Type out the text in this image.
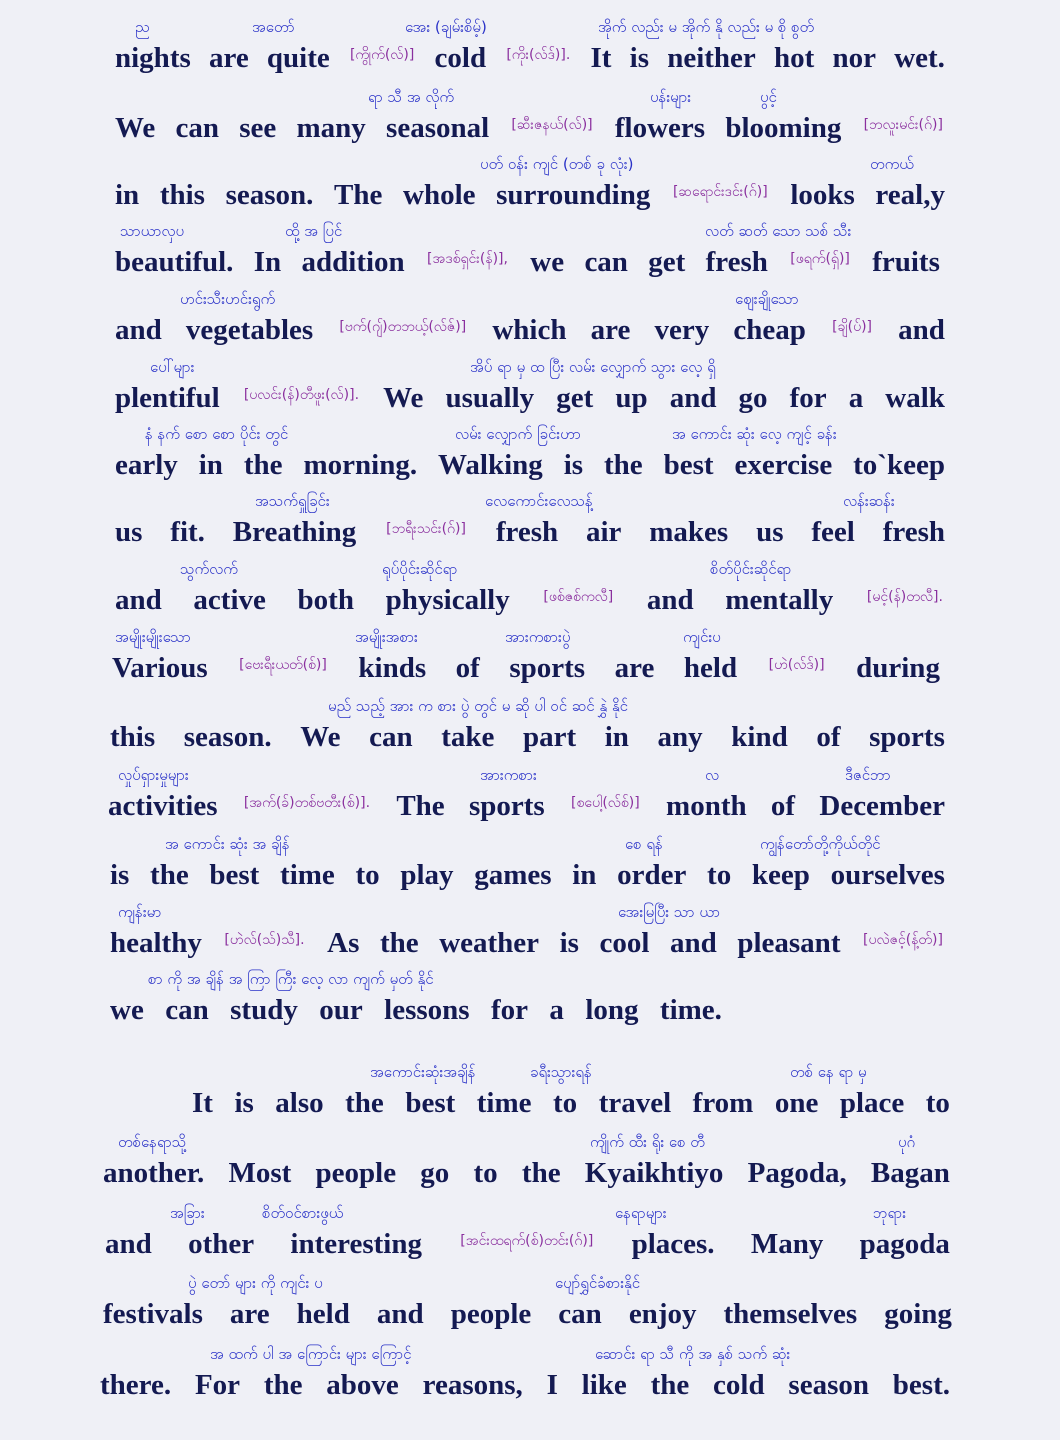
ည	အတော်	အေး (ချမ်းစိမ့်)	အိုက် လည်း မ အိုက် နို လည်း မ စို စွတ်
nights are quite [ကွိုက်(လ်)] cold [ကိုး(လ်ဒ်)]. It is neither hot nor wet.
ရာ သီ အ လိုက်	ပန်းများ	ပွင့်
We can see many seasonal [ဆီးဇနယ်(လ်)] flowers blooming [ဘလူးမင်း(ဂ်)]
ပတ် ဝန်း ကျင် (တစ် ခု လုံး)	တကယ်
in this season. The whole surrounding [ဆရောင်းဒင်း(ဂ်)] looks real,y
သာယာလှပ	ထို့ အ ပြင်	လတ် ဆတ် သော သစ် သီး
beautiful. In addition [အဒစ်ရှင်း(န်)], we can get fresh [ဖရက်(ရှ်)] fruits
ဟင်းသီးဟင်းရွက်	ဈေးချိုသော
and vegetables [ဗက်(ဂျ်)တဘယ့်(လ်ဇ်)] which are very cheap [ချိ(ပ်)] and
ပေါ်များ	အိပ် ရာ မှ ထ ပြီး လမ်း လျှောက် သွား လေ့ ရှိ
plentiful [ပလင်း(န်)တီဖူး(လ်)]. We usually get up and go for a walk
နံ နက် စော စော ပိုင်း တွင်	လမ်း လျှောက် ခြင်းဟာ	အ ကောင်း ဆုံး လေ့ ကျင့် ခန်း
early in the morning. Walking is the best exercise to`keep
အသက်ရှူခြင်း	လေကောင်းလေသန့်	လန်းဆန်း
us fit. Breathing [ဘရီးသင်း(ဂ်)] fresh air makes us feel fresh
သွက်လက်	ရုပ်ပိုင်းဆိုင်ရာ	စိတ်ပိုင်းဆိုင်ရာ
and active both physically [ဖစ်ဇစ်ကလီ] and mentally [မင့်(န်)တလီ].
အမျိုးမျိုးသော	အမျိုးအစား	အားကစားပွဲ	ကျင်းပ
Various [ဗေးရီးယတ်(စ်)] kinds of sports are held [ဟဲ(လ်ဒ်)] during
မည် သည့် အား က စား ပွဲ တွင် မ ဆို ပါ ဝင် ဆင် နွှဲ နိုင်
this season. We can take part in any kind of sports
လှုပ်ရှားမှုများ	အားကစား	လ	ဒီဇင်ဘာ
activities [အက်(ခ်)တစ်ဗတီး(စ်)]. The sports [စပေါ့(လ်စ်)] month of December
အ ကောင်း ဆုံး အ ချိန်	စေ ရန်	ကျွန်တော်တို့ကိုယ်တိုင်
is the best time to play games in order to keep ourselves
ကျန်းမာ	အေးမြပြီး သာ ယာ
healthy [ဟဲလ်(သ်)သီ]. As the weather is cool and pleasant [ပလဲဇင့်(န့်တ်)]
စာ ကို အ ချိန် အ ကြာ ကြီး လေ့ လာ ကျက် မှတ် နိုင်
we can study our lessons for a long time.
အကောင်းဆုံးအချိန်	ခရီးသွားရန်	တစ် နေ ရာ မှ
It is also the best time to travel from one place to
တစ်နေရာသို့	ကျိုက် ထီး ရိုး စေ တီ	ပုဂံ
another. Most people go to the Kyaikhtiyo Pagoda, Bagan
အခြား	စိတ်ဝင်စားဖွယ်	နေရာများ	ဘုရား
and other interesting	[အင်းထရက်(စ်)တင်း(ဂ်)] places. Many pagoda
ပွဲ တော် များ ကို ကျင်း ပ	ပျော်ရွှင်ခံစားနိုင်
festivals are held and people can enjoy themselves going
အ ထက် ပါ အ ကြောင်း များ ကြောင့်	ဆောင်း ရာ သီ ကို အ နှစ် သက် ဆုံး
there. For the above reasons, I like the cold season best.
